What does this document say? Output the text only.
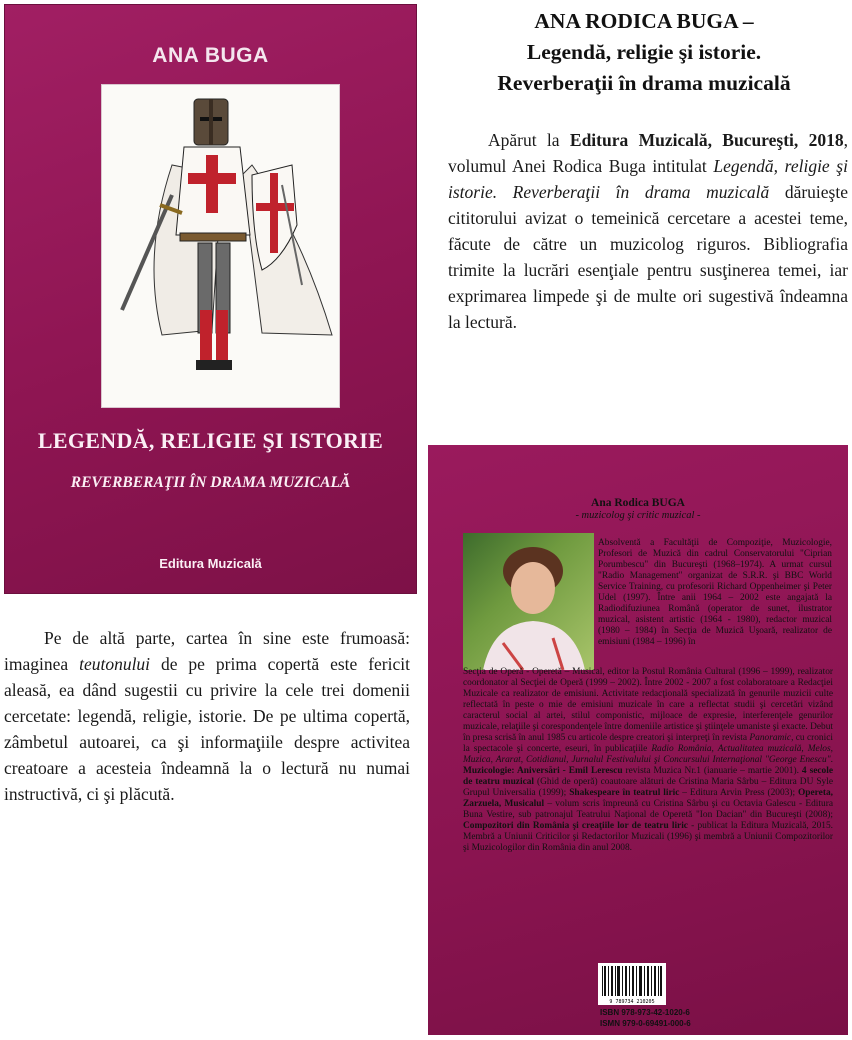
ANA BUGA
LEGENDĂ, RELIGIE ŞI ISTORIE
REVERBERAŢII ÎN DRAMA MUZICALĂ
Editura Muzicală
ANA RODICA BUGA –
Legendă, religie şi istorie.
Reverberaţii în drama muzicală
Apărut la Editura Muzicală, Bucureşti, 2018, volumul Anei Rodica Buga intitulat Legendă, religie şi istorie. Reverberaţii în drama muzicală dăruieşte cititorului avizat o temeinică cercetare a acestei teme, făcute de către un muzicolog riguros. Bibliografia trimite la lucrări esenţiale pentru susţinerea temei, iar exprimarea limpede şi de multe ori sugestivă îndeamna la lectură.
Pe de altă parte, cartea în sine este frumoasă: imaginea teutonului de pe prima copertă este fericit aleasă, ea dând sugestii cu privire la cele trei domenii cercetate: legendă, religie, istorie. De pe ultima copertă, zâmbetul autoarei, ca şi informaţiile despre activitea creatoare a acesteia îndeamnă la o lectură nu numai instructivă, ci şi plăcută.
Ana Rodica BUGA
- muzicolog şi critic muzical -
Absolventă a Facultăţii de Compoziţie, Muzicologie, Profesori de Muzică din cadrul Conservatorului "Ciprian Porumbescu" din Bucureşti (1968–1974). A urmat cursul "Radio Management" organizat de S.R.R. şi BBC World Service Training, cu profesorii Richard Oppenheimer şi Peter Udel (1997). Între anii 1964 – 2002 este angajată la Radiodifuziunea Română (operator de sunet, ilustrator muzical, asistent artistic (1964 - 1980), redactor muzical (1980 – 1984) în Secţia de Muzică Uşoară, realizator de emisiuni (1984 – 1996) în
Secţia de Operă - Operetă – Musical, editor la Postul România Cultural (1996 – 1999), realizator coordonator al Secţiei de Operă (1999 – 2002). Între 2002 - 2007 a fost colaboratoare a Redacţiei Muzicale ca realizator de emisiuni. Activitate redacţională specializată în genurile muzicii culte reflectată în peste o mie de emisiuni muzicale în care a reflectat studii şi cercetări vizând caracterul social al artei, stilul componistic, mijloace de expresie, interferenţele genurilor muzicale, relaţiile şi corespondenţele între domeniile artistice şi ştiinţele umaniste şi exacte. Debut în presa scrisă în anul 1985 cu articole despre creatori şi interpreţi în revista Panoramic, cu cronici la spectacole şi concerte, eseuri, în publicaţiile Radio România, Actualitatea muzicală, Melos, Muzica, Ararat, Cotidianul, Jurnalul Festivalului şi Concursului Internaţional "George Enescu". Muzicologie: Aniversări - Emil Lerescu revista Muzica Nr.1 (ianuarie – martie 2001). 4 secole de teatru muzical (Ghid de operă) coautoare alături de Cristina Maria Sârbu – Editura DU Syle Grupul Universalia (1999); Shakespeare în teatrul liric – Editura Arvin Press (2003); Opereta, Zarzuela, Musicalul – volum scris împreună cu Cristina Sârbu şi cu Octavia Galescu - Editura Buna Vestire, sub patronajul Teatrului Naţional de Operetă "Ion Dacian" din Bucureşti (2008); Compozitori din România şi creaţiile lor de teatru liric - publicat la Editura Muzicală, 2015. Membră a Uniunii Criticilor şi Redactorilor Muzicali (1996) şi membră a Uniunii Compozitorilor şi Muzicologilor din România din anul 2008.
9 789734 210205
ISBN 978-973-42-1020-6
ISMN 979-0-69491-000-6
